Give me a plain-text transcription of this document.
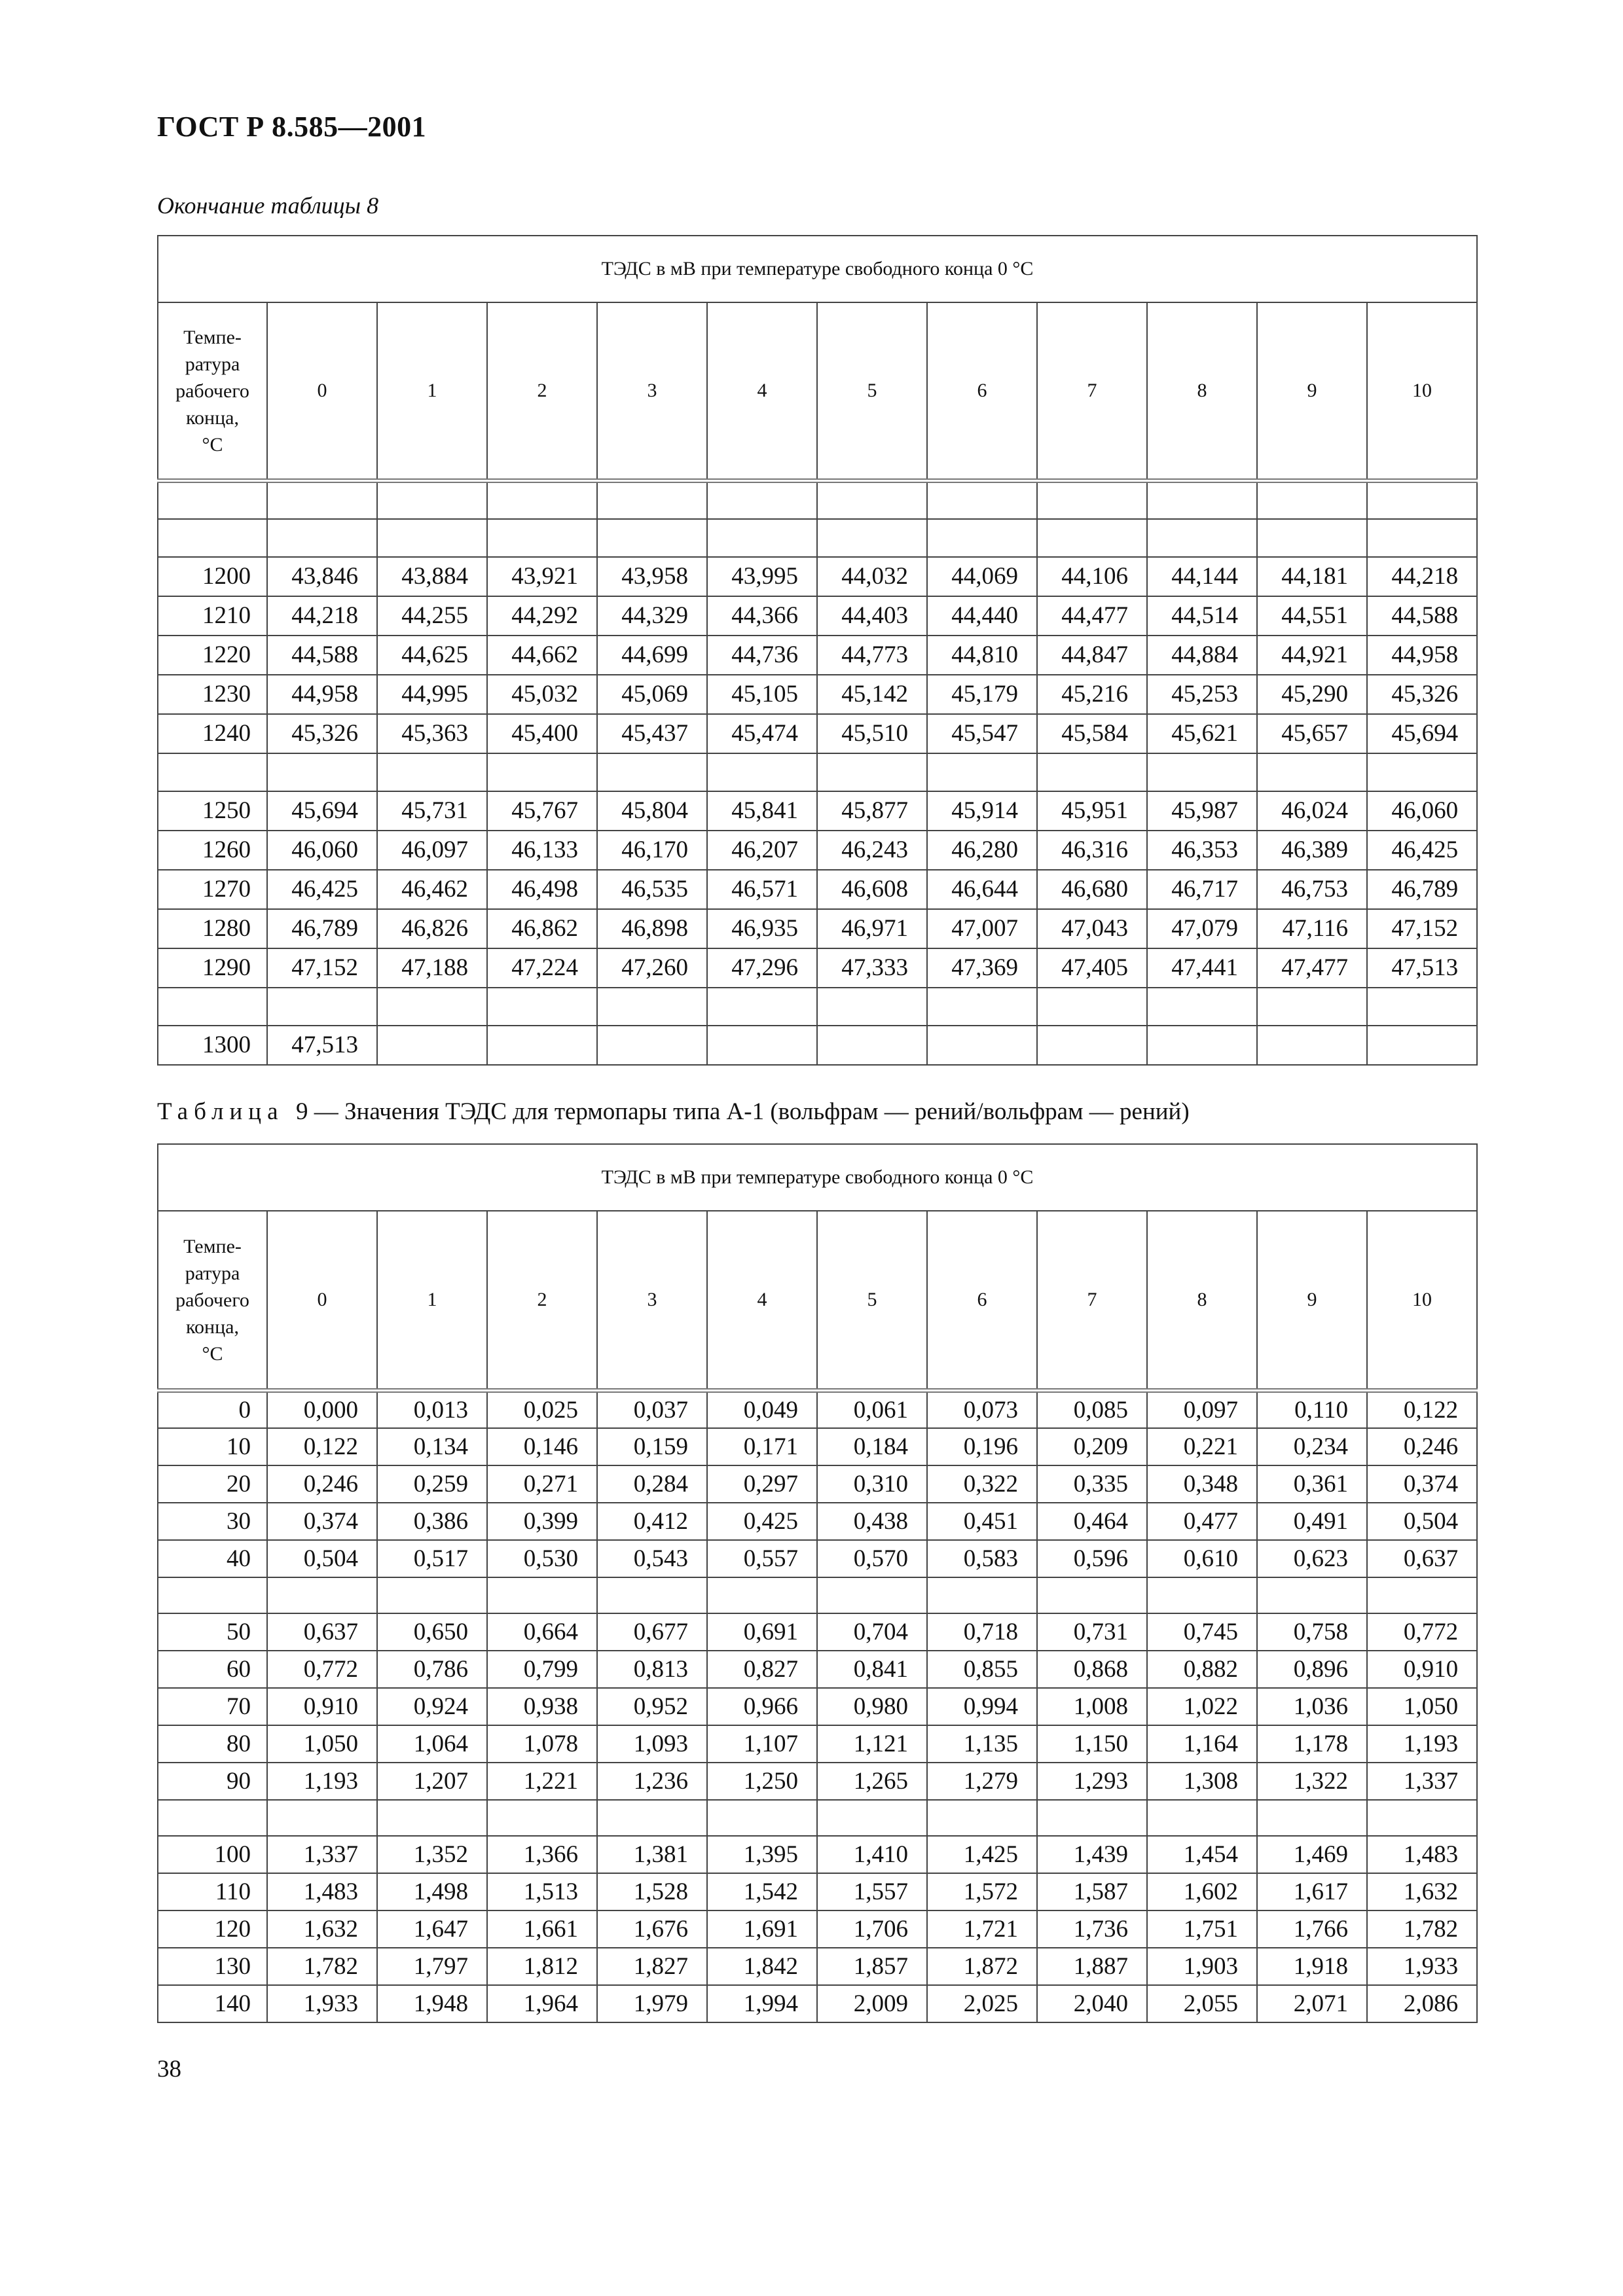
ГОСТ Р 8.585—2001
Окончание таблицы 8
ТЭДС в мВ при температуре свободного конца 0 °С											
Темпе-
ратура
рабочего
конца,
°С	0	1	2	3	4	5	6	7	8	9	10

1200	43,846	43,884	43,921	43,958	43,995	44,032	44,069	44,106	44,144	44,181	44,218
1210	44,218	44,255	44,292	44,329	44,366	44,403	44,440	44,477	44,514	44,551	44,588
1220	44,588	44,625	44,662	44,699	44,736	44,773	44,810	44,847	44,884	44,921	44,958
1230	44,958	44,995	45,032	45,069	45,105	45,142	45,179	45,216	45,253	45,290	45,326
1240	45,326	45,363	45,400	45,437	45,474	45,510	45,547	45,584	45,621	45,657	45,694

1250	45,694	45,731	45,767	45,804	45,841	45,877	45,914	45,951	45,987	46,024	46,060
1260	46,060	46,097	46,133	46,170	46,207	46,243	46,280	46,316	46,353	46,389	46,425
1270	46,425	46,462	46,498	46,535	46,571	46,608	46,644	46,680	46,717	46,753	46,789
1280	46,789	46,826	46,862	46,898	46,935	46,971	47,007	47,043	47,079	47,116	47,152
1290	47,152	47,188	47,224	47,260	47,296	47,333	47,369	47,405	47,441	47,477	47,513

1300	47,513										
Таблица 9 — Значения ТЭДС для термопары типа А-1 (вольфрам — рений/вольфрам — рений)
ТЭДС в мВ при температуре свободного конца 0 °С											
Темпе-
ратура
рабочего
конца,
°С	0	1	2	3	4	5	6	7	8	9	10
0	0,000	0,013	0,025	0,037	0,049	0,061	0,073	0,085	0,097	0,110	0,122
10	0,122	0,134	0,146	0,159	0,171	0,184	0,196	0,209	0,221	0,234	0,246
20	0,246	0,259	0,271	0,284	0,297	0,310	0,322	0,335	0,348	0,361	0,374
30	0,374	0,386	0,399	0,412	0,425	0,438	0,451	0,464	0,477	0,491	0,504
40	0,504	0,517	0,530	0,543	0,557	0,570	0,583	0,596	0,610	0,623	0,637

50	0,637	0,650	0,664	0,677	0,691	0,704	0,718	0,731	0,745	0,758	0,772
60	0,772	0,786	0,799	0,813	0,827	0,841	0,855	0,868	0,882	0,896	0,910
70	0,910	0,924	0,938	0,952	0,966	0,980	0,994	1,008	1,022	1,036	1,050
80	1,050	1,064	1,078	1,093	1,107	1,121	1,135	1,150	1,164	1,178	1,193
90	1,193	1,207	1,221	1,236	1,250	1,265	1,279	1,293	1,308	1,322	1,337

100	1,337	1,352	1,366	1,381	1,395	1,410	1,425	1,439	1,454	1,469	1,483
110	1,483	1,498	1,513	1,528	1,542	1,557	1,572	1,587	1,602	1,617	1,632
120	1,632	1,647	1,661	1,676	1,691	1,706	1,721	1,736	1,751	1,766	1,782
130	1,782	1,797	1,812	1,827	1,842	1,857	1,872	1,887	1,903	1,918	1,933
140	1,933	1,948	1,964	1,979	1,994	2,009	2,025	2,040	2,055	2,071	2,086
38
